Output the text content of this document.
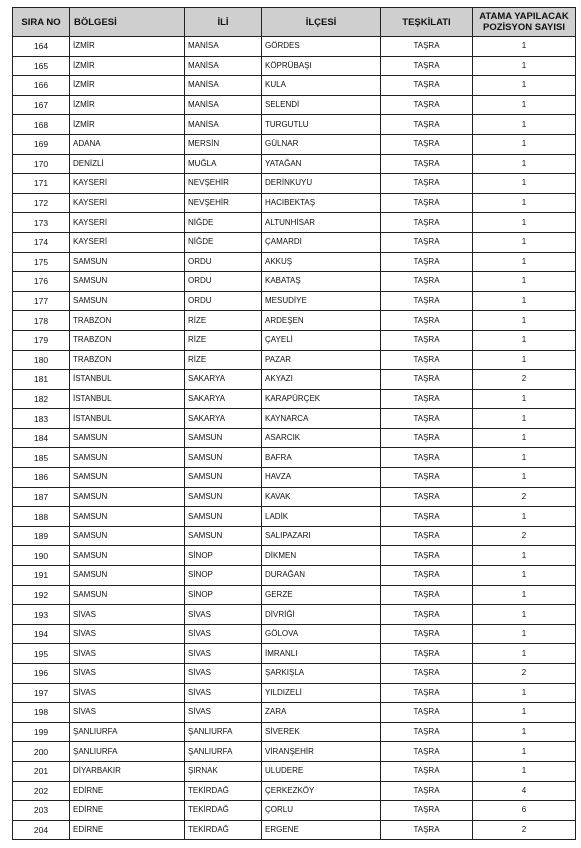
SIRA NO	BÖLGESİ	İLİ	İLÇESİ	TEŞKİLATI	ATAMA YAPILACAK POZİSYON SAYISI
164	İZMİR	MANİSA	GÖRDES	TAŞRA	1
165	İZMİR	MANİSA	KÖPRÜBAŞI	TAŞRA	1
166	İZMİR	MANİSA	KULA	TAŞRA	1
167	İZMİR	MANİSA	SELENDİ	TAŞRA	1
168	İZMİR	MANİSA	TURGUTLU	TAŞRA	1
169	ADANA	MERSİN	GÜLNAR	TAŞRA	1
170	DENİZLİ	MUĞLA	YATAĞAN	TAŞRA	1
171	KAYSERİ	NEVŞEHİR	DERİNKUYU	TAŞRA	1
172	KAYSERİ	NEVŞEHİR	HACIBEKTAŞ	TAŞRA	1
173	KAYSERİ	NİĞDE	ALTUNHİSAR	TAŞRA	1
174	KAYSERİ	NİĞDE	ÇAMARDI	TAŞRA	1
175	SAMSUN	ORDU	AKKUŞ	TAŞRA	1
176	SAMSUN	ORDU	KABATAŞ	TAŞRA	1
177	SAMSUN	ORDU	MESUDİYE	TAŞRA	1
178	TRABZON	RİZE	ARDEŞEN	TAŞRA	1
179	TRABZON	RİZE	ÇAYELİ	TAŞRA	1
180	TRABZON	RİZE	PAZAR	TAŞRA	1
181	İSTANBUL	SAKARYA	AKYAZI	TAŞRA	2
182	İSTANBUL	SAKARYA	KARAPÜRÇEK	TAŞRA	1
183	İSTANBUL	SAKARYA	KAYNARCA	TAŞRA	1
184	SAMSUN	SAMSUN	ASARCIK	TAŞRA	1
185	SAMSUN	SAMSUN	BAFRA	TAŞRA	1
186	SAMSUN	SAMSUN	HAVZA	TAŞRA	1
187	SAMSUN	SAMSUN	KAVAK	TAŞRA	2
188	SAMSUN	SAMSUN	LADİK	TAŞRA	1
189	SAMSUN	SAMSUN	SALIPAZARI	TAŞRA	2
190	SAMSUN	SİNOP	DİKMEN	TAŞRA	1
191	SAMSUN	SİNOP	DURAĞAN	TAŞRA	1
192	SAMSUN	SİNOP	GERZE	TAŞRA	1
193	SİVAS	SİVAS	DİVRİĞİ	TAŞRA	1
194	SİVAS	SİVAS	GÖLOVA	TAŞRA	1
195	SİVAS	SİVAS	İMRANLI	TAŞRA	1
196	SİVAS	SİVAS	ŞARKIŞLA	TAŞRA	2
197	SİVAS	SİVAS	YILDIZELİ	TAŞRA	1
198	SİVAS	SİVAS	ZARA	TAŞRA	1
199	ŞANLIURFA	ŞANLIURFA	SİVEREK	TAŞRA	1
200	ŞANLIURFA	ŞANLIURFA	VİRANŞEHİR	TAŞRA	1
201	DİYARBAKIR	ŞIRNAK	ULUDERE	TAŞRA	1
202	EDİRNE	TEKİRDAĞ	ÇERKEZKÖY	TAŞRA	4
203	EDİRNE	TEKİRDAĞ	ÇORLU	TAŞRA	6
204	EDİRNE	TEKİRDAĞ	ERGENE	TAŞRA	2
